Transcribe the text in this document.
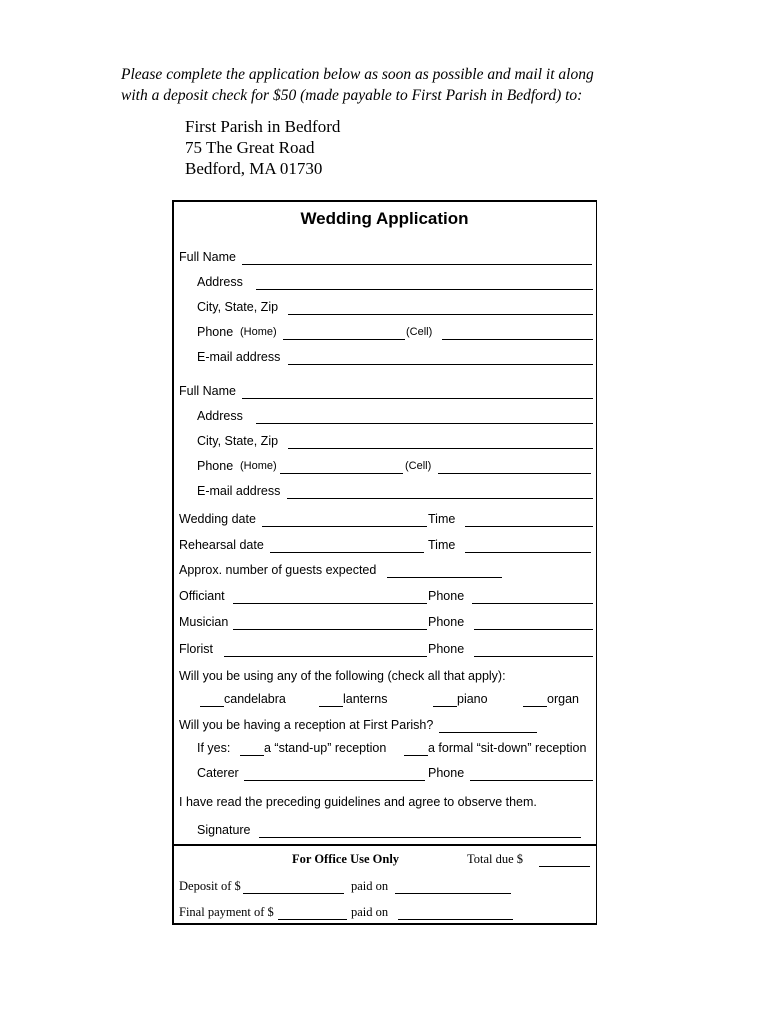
Please complete the application below as soon as possible and mail it along
with a deposit check for $50 (made payable to First Parish in Bedford) to:
First Parish in Bedford
75 The Great Road
Bedford, MA 01730
Wedding Application
Full Name
Address
City, State, Zip
Phone (Home)	(Cell)
E-mail address
Full Name
Address
City, State, Zip
Phone (Home)	(Cell)
E-mail address
Wedding date	Time
Rehearsal date	Time
Approx. number of guests expected
Officiant	Phone
Musician	Phone
Florist	Phone
Will you be using any of the following (check all that apply):
candelabra	lanterns	piano	organ
Will you be having a reception at First Parish?
If yes:	a “stand-up” reception	a formal “sit-down” reception
Caterer	Phone
I have read the preceding guidelines and agree to observe them.
Signature
For Office Use Only	Total due $
Deposit of $	paid on
Final payment of $	paid on
